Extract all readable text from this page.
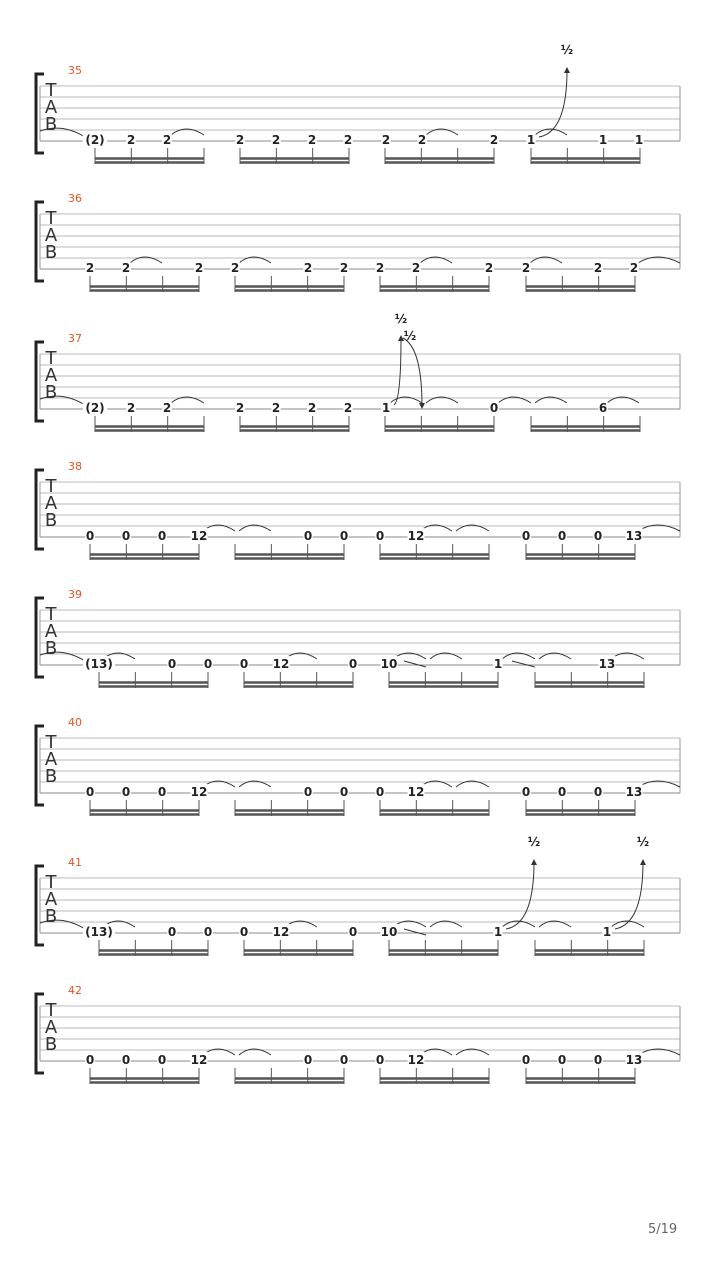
T
A
B
35
½
(2) 2 2	2 2 2 2 2 2	2 1	1 1
T
A
B
36
2 2	2 2	2 2 2 2	2 2	2 2
T
A
B
37
½
½
(2) 2 2	2 2 2 2 1	0	6
T
A
B
38
0 0 0 12	0 0 0 12	0 0 0 13
T
A
B
39
(13)	0 0 0 12	0 10	1	13
T
A
B
40
0 0 0 12	0 0 0 12	0 0 0 13
T
A
B
41
½	½
(13)	0 0 0 12	0 10	1	1
T
A
B
42
0 0 0 12	0 0 0 12	0 0 0 13
5/19
